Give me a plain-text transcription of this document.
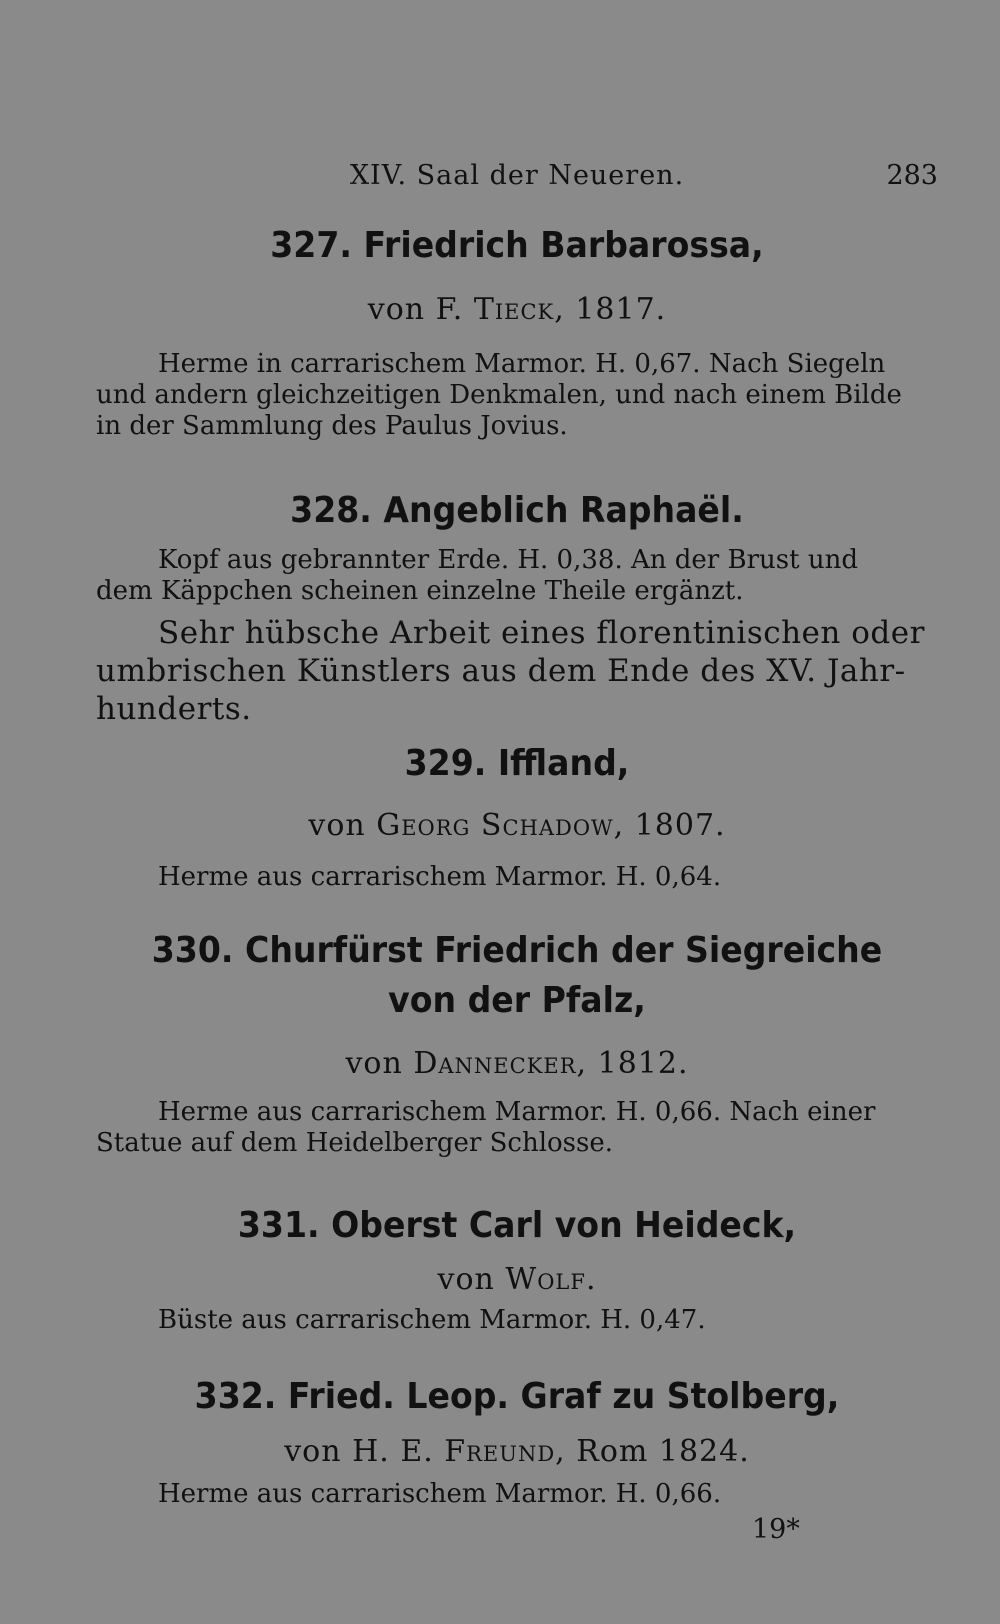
XIV. Saal der Neueren.	283
327. Friedrich Barbarossa,
von F. Tieck, 1817.
Herme in carrarischem Marmor. H. 0,67. Nach Siegeln
und andern gleichzeitigen Denkmalen, und nach einem Bilde
in der Sammlung des Paulus Jovius.
328. Angeblich Raphaël.
Kopf aus gebrannter Erde. H. 0,38. An der Brust und
dem Käppchen scheinen einzelne Theile ergänzt.
Sehr hübsche Arbeit eines florentinischen oder
umbrischen Künstlers aus dem Ende des XV. Jahr-
hunderts.
329. Iffland,
von Georg Schadow, 1807.
Herme aus carrarischem Marmor. H. 0,64.
330. Churfürst Friedrich der Siegreiche
von der Pfalz,
von Dannecker, 1812.
Herme aus carrarischem Marmor. H. 0,66. Nach einer
Statue auf dem Heidelberger Schlosse.
331. Oberst Carl von Heideck,
von Wolf.
Büste aus carrarischem Marmor. H. 0,47.
332. Fried. Leop. Graf zu Stolberg,
von H. E. Freund, Rom 1824.
Herme aus carrarischem Marmor. H. 0,66.
19*
